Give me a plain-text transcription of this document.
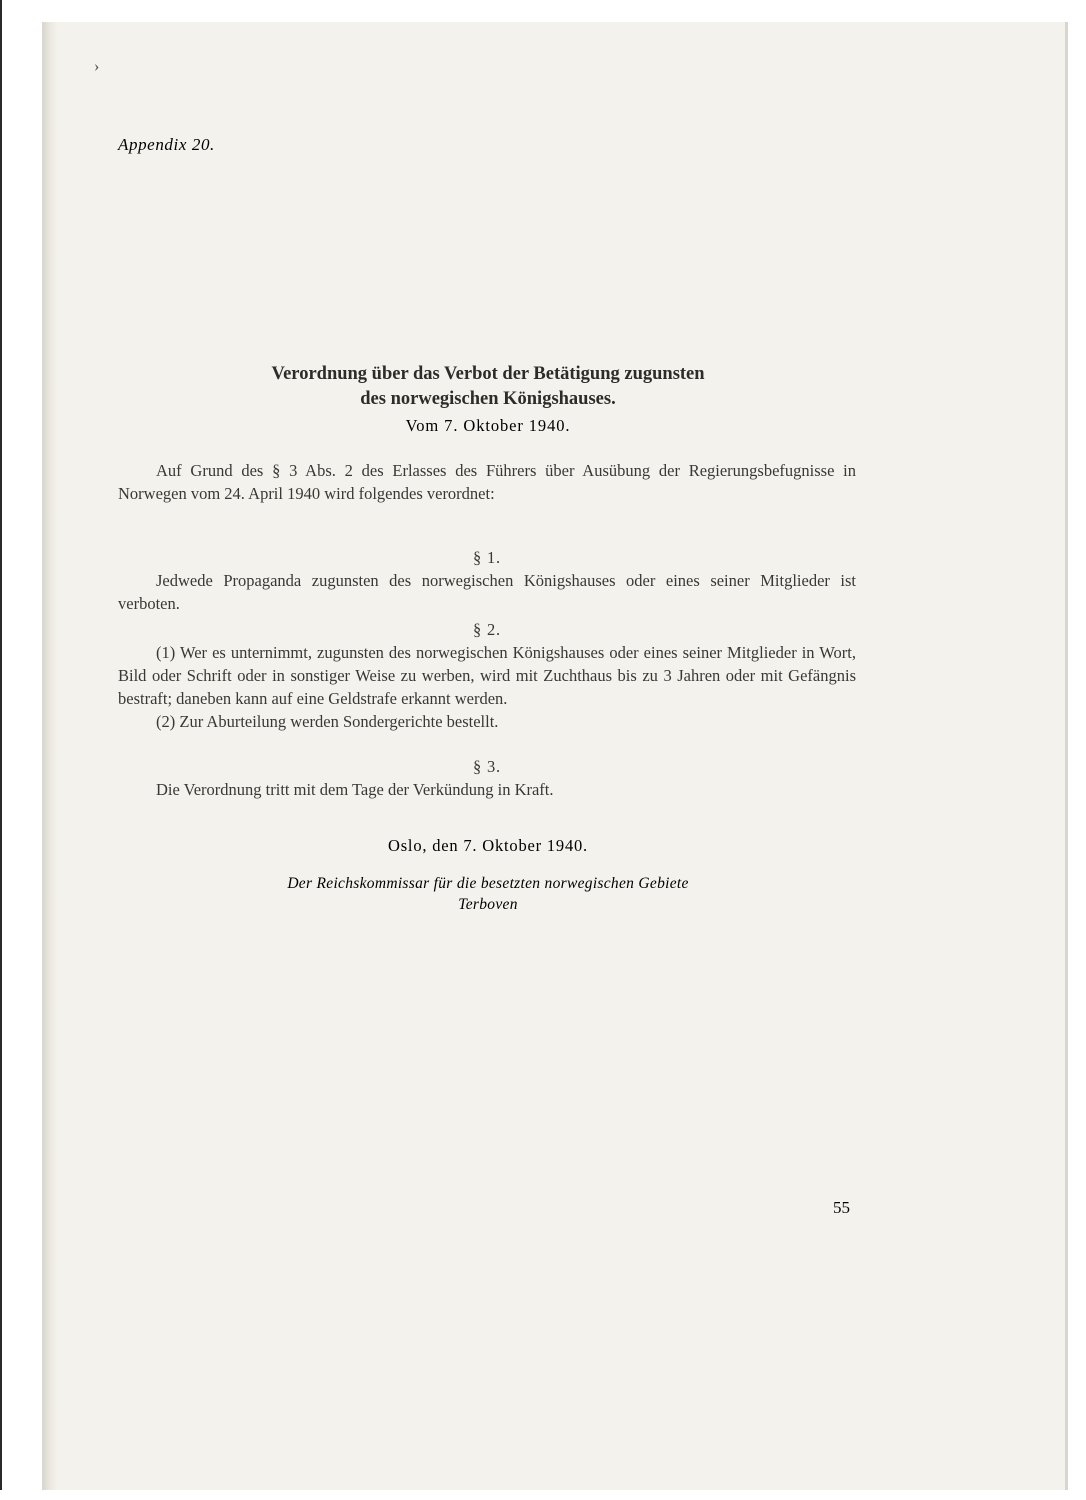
›
Appendix 20.
Verordnung über das Verbot der Betätigung zugunsten
des norwegischen Königshauses.
Vom 7. Oktober 1940.

Auf Grund des § 3 Abs. 2 des Erlasses des Führers über Ausübung der Regierungsbefugnisse in Norwegen vom 24. April 1940 wird folgendes verordnet:

§ 1.

Jedwede Propaganda zugunsten des norwegischen Königshauses oder eines seiner Mitglieder ist verboten.

§ 2.

(1) Wer es unternimmt, zugunsten des norwegischen Königshauses oder eines seiner Mitglieder in Wort, Bild oder Schrift oder in sonstiger Weise zu werben, wird mit Zuchthaus bis zu 3 Jahren oder mit Gefängnis bestraft; daneben kann auf eine Geldstrafe erkannt werden.

(2) Zur Aburteilung werden Sondergerichte bestellt.

§ 3.

Die Verordnung tritt mit dem Tage der Verkündung in Kraft.

Oslo, den 7. Oktober 1940.
Der Reichskommissar für die besetzten norwegischen Gebiete
Terboven
55
